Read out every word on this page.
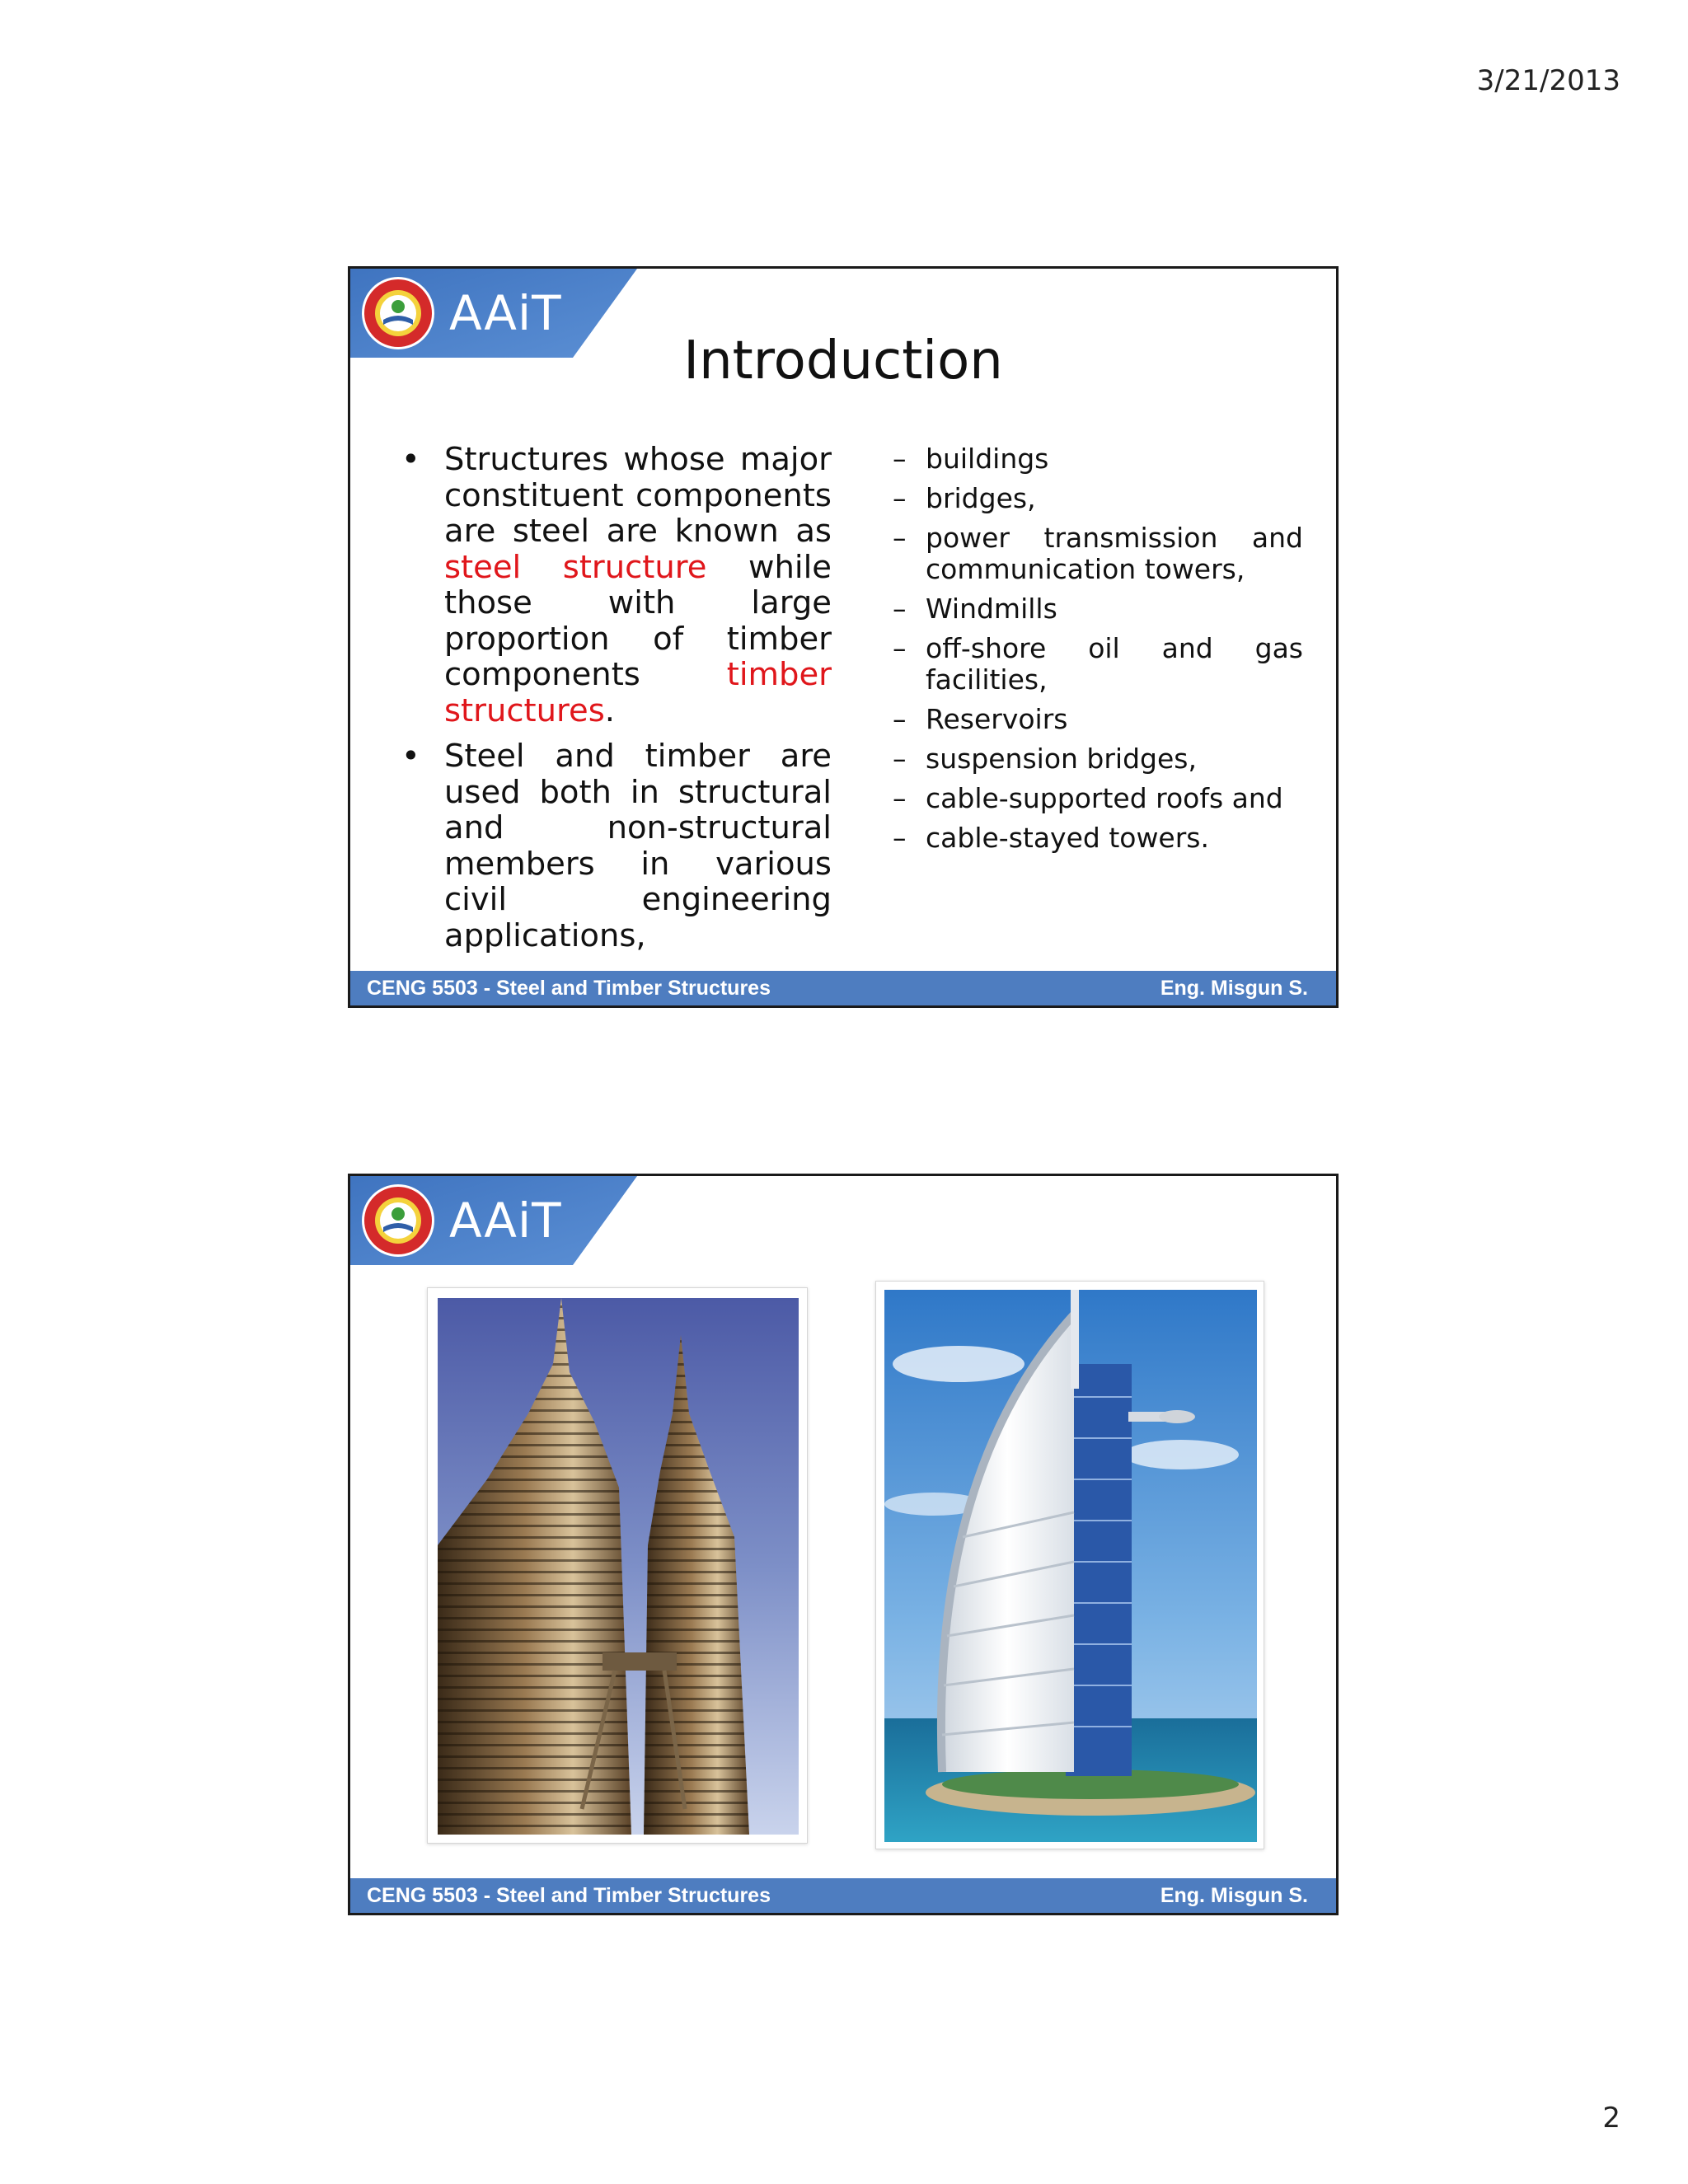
3/21/2013
2
AAiT
Introduction
• Structures whose major constituent components are steel are known as steel structure while those with large proportion of timber components timber structures.
• Steel and timber are used both in structural and non-structural members in various civil engineering applications,
– buildings
– bridges,
– power transmission and communication towers,
– Windmills
– off-shore oil and gas facilities,
– Reservoirs
– suspension bridges,
– cable-supported roofs and
– cable-stayed towers.
CENG 5503 - Steel and Timber Structures	Eng. Misgun S.
AAiT
CENG 5503 - Steel and Timber Structures	Eng. Misgun S.
